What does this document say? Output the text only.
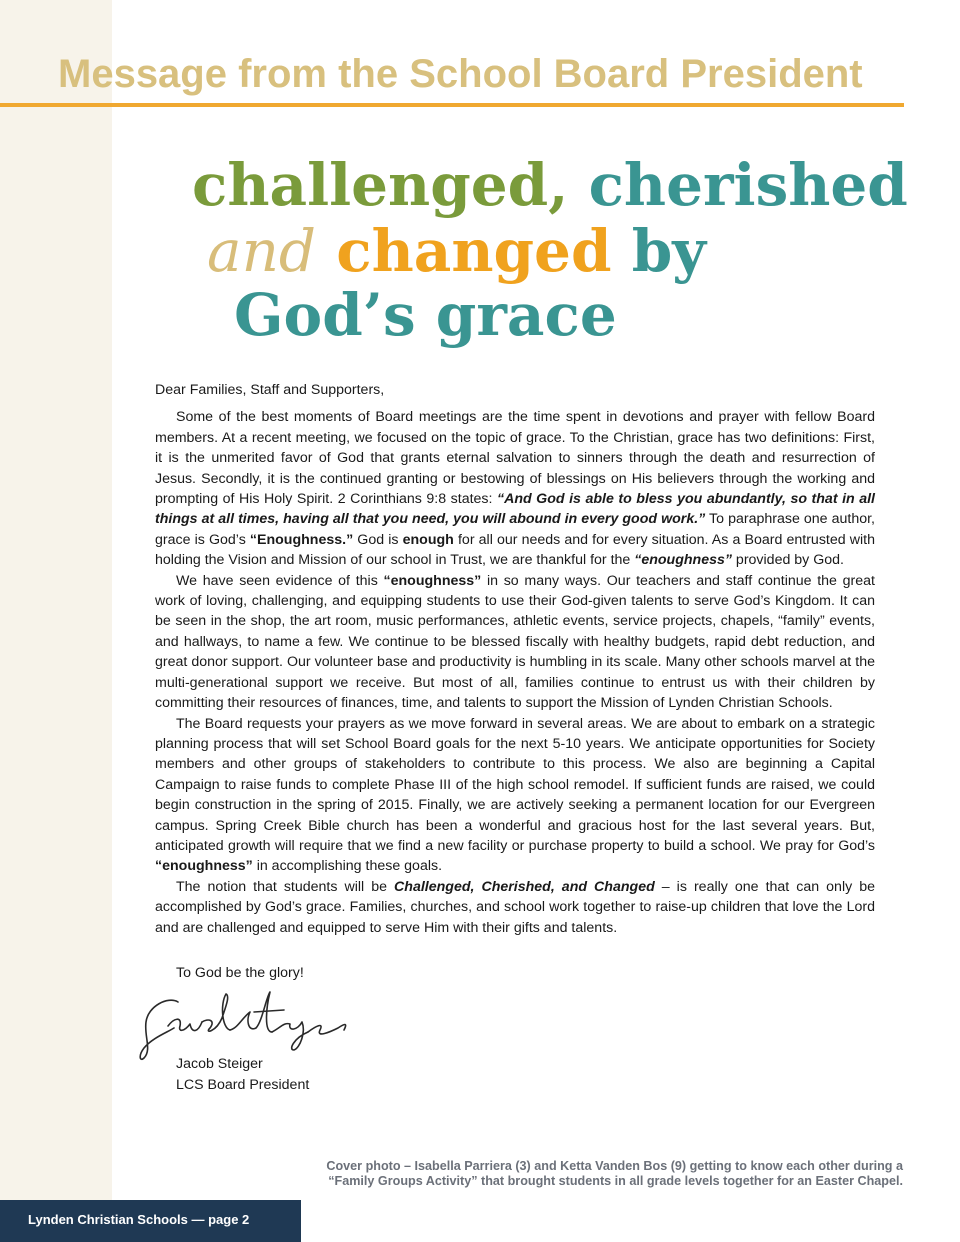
Message from the School Board President
challenged, cherished
and changed by
God’s grace

Dear Families, Staff and Supporters,

Some of the best moments of Board meetings are the time spent in devotions and prayer with fellow Board members. At a recent meeting, we focused on the topic of grace. To the Christian, grace has two definitions: First, it is the unmerited favor of God that grants eternal salvation to sinners through the death and resurrection of Jesus. Secondly, it is the continued granting or bestowing of blessings on His believers through the working and prompting of His Holy Spirit. 2 Corinthians 9:8 states: “And God is able to bless you abundantly, so that in all things at all times, having all that you need, you will abound in every good work.” To paraphrase one author, grace is God’s “Enoughness.” God is enough for all our needs and for every situation. As a Board entrusted with holding the Vision and Mission of our school in Trust, we are thankful for the “enoughness” provided by God.

We have seen evidence of this “enoughness” in so many ways. Our teachers and staff continue the great work of loving, challenging, and equipping students to use their God-given talents to serve God’s Kingdom. It can be seen in the shop, the art room, music performances, athletic events, service projects, chapels, “family” events, and hallways, to name a few. We continue to be blessed fiscally with healthy budgets, rapid debt reduction, and great donor support. Our volunteer base and productivity is humbling in its scale. Many other schools marvel at the multi-generational support we receive. But most of all, families continue to entrust us with their children by committing their resources of finances, time, and talents to support the Mission of Lynden Christian Schools.

The Board requests your prayers as we move forward in several areas. We are about to embark on a strategic planning process that will set School Board goals for the next 5-10 years. We anticipate opportunities for Society members and other groups of stakeholders to contribute to this process. We also are beginning a Capital Campaign to raise funds to complete Phase III of the high school remodel. If sufficient funds are raised, we could begin construction in the spring of 2015. Finally, we are actively seeking a permanent location for our Evergreen campus. Spring Creek Bible church has been a wonderful and gracious host for the last several years. But, anticipated growth will require that we find a new facility or purchase property to build a school. We pray for God’s “enoughness” in accomplishing these goals.

The notion that students will be Challenged, Cherished, and Changed – is really one that can only be accomplished by God’s grace. Families, churches, and school work together to raise-up children that love the Lord and are challenged and equipped to serve Him with their gifts and talents.

To God be the glory!
Jacob Steiger
LCS Board President
Cover photo – Isabella Parriera (3) and Ketta Vanden Bos (9) getting to know each other during a
“Family Groups Activity” that brought students in all grade levels together for an Easter Chapel.
Lynden Christian Schools — page 2
